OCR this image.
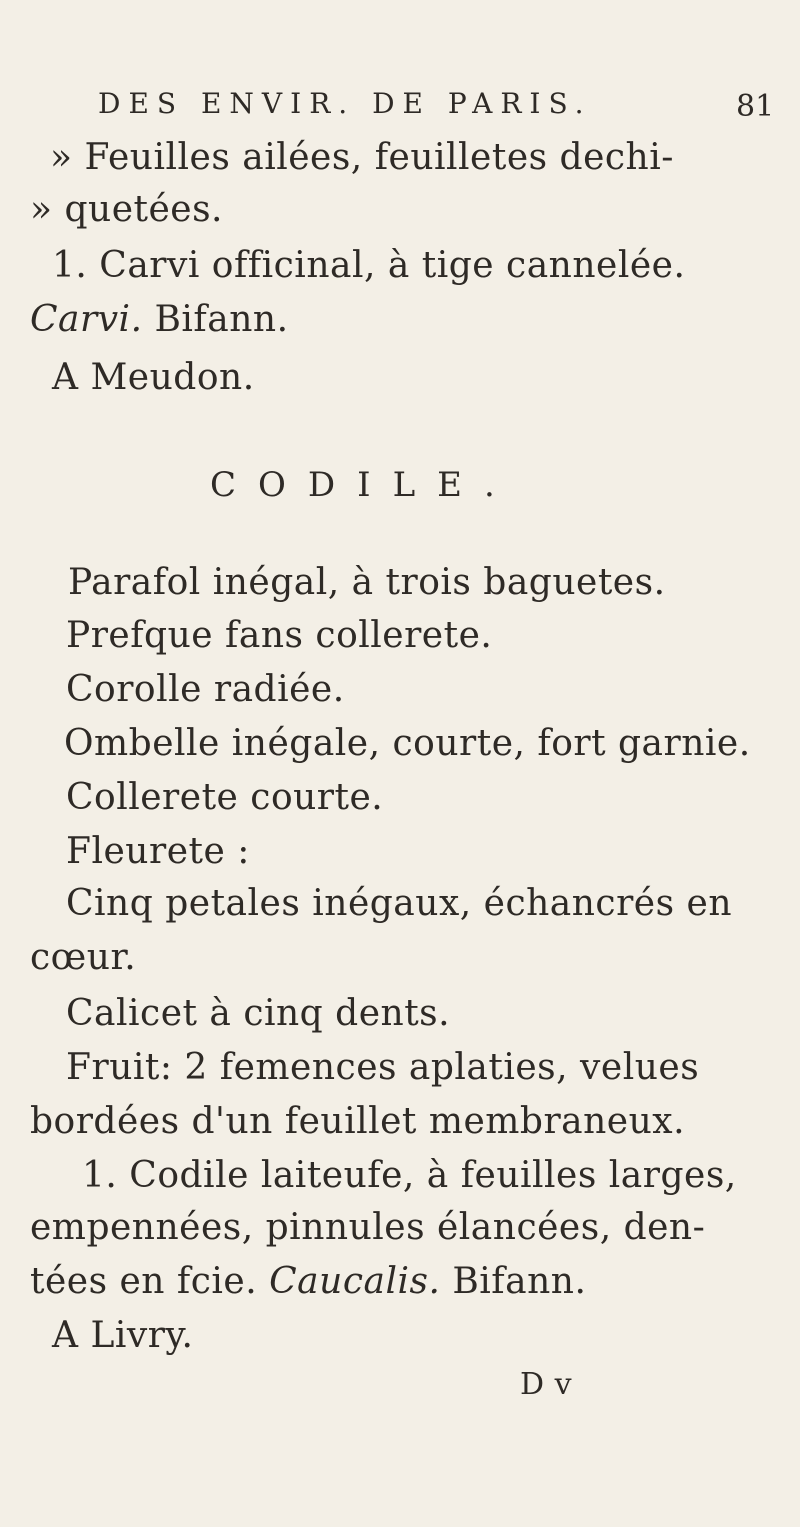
DES ENVIR. DE PARIS.	81
» Feuilles ailées, feuilletes dechi-
» quetées.
1. Carvi officinal, à tige cannelée.
Carvi. Bifann.
A Meudon.
CODILE.
Parafol inégal, à trois baguetes.
Prefque fans collerete.
Corolle radiée.
Ombelle inégale, courte, fort garnie.
Collerete courte.
Fleurete :
Cinq petales inégaux, échancrés en
cœur.
Calicet à cinq dents.
Fruit: 2 femences aplaties, velues
bordées d'un feuillet membraneux.
1. Codile laiteufe, à feuilles larges,
empennées, pinnules élancées, den-
tées en fcie. Caucalis. Bifann.
A Livry.
D v
